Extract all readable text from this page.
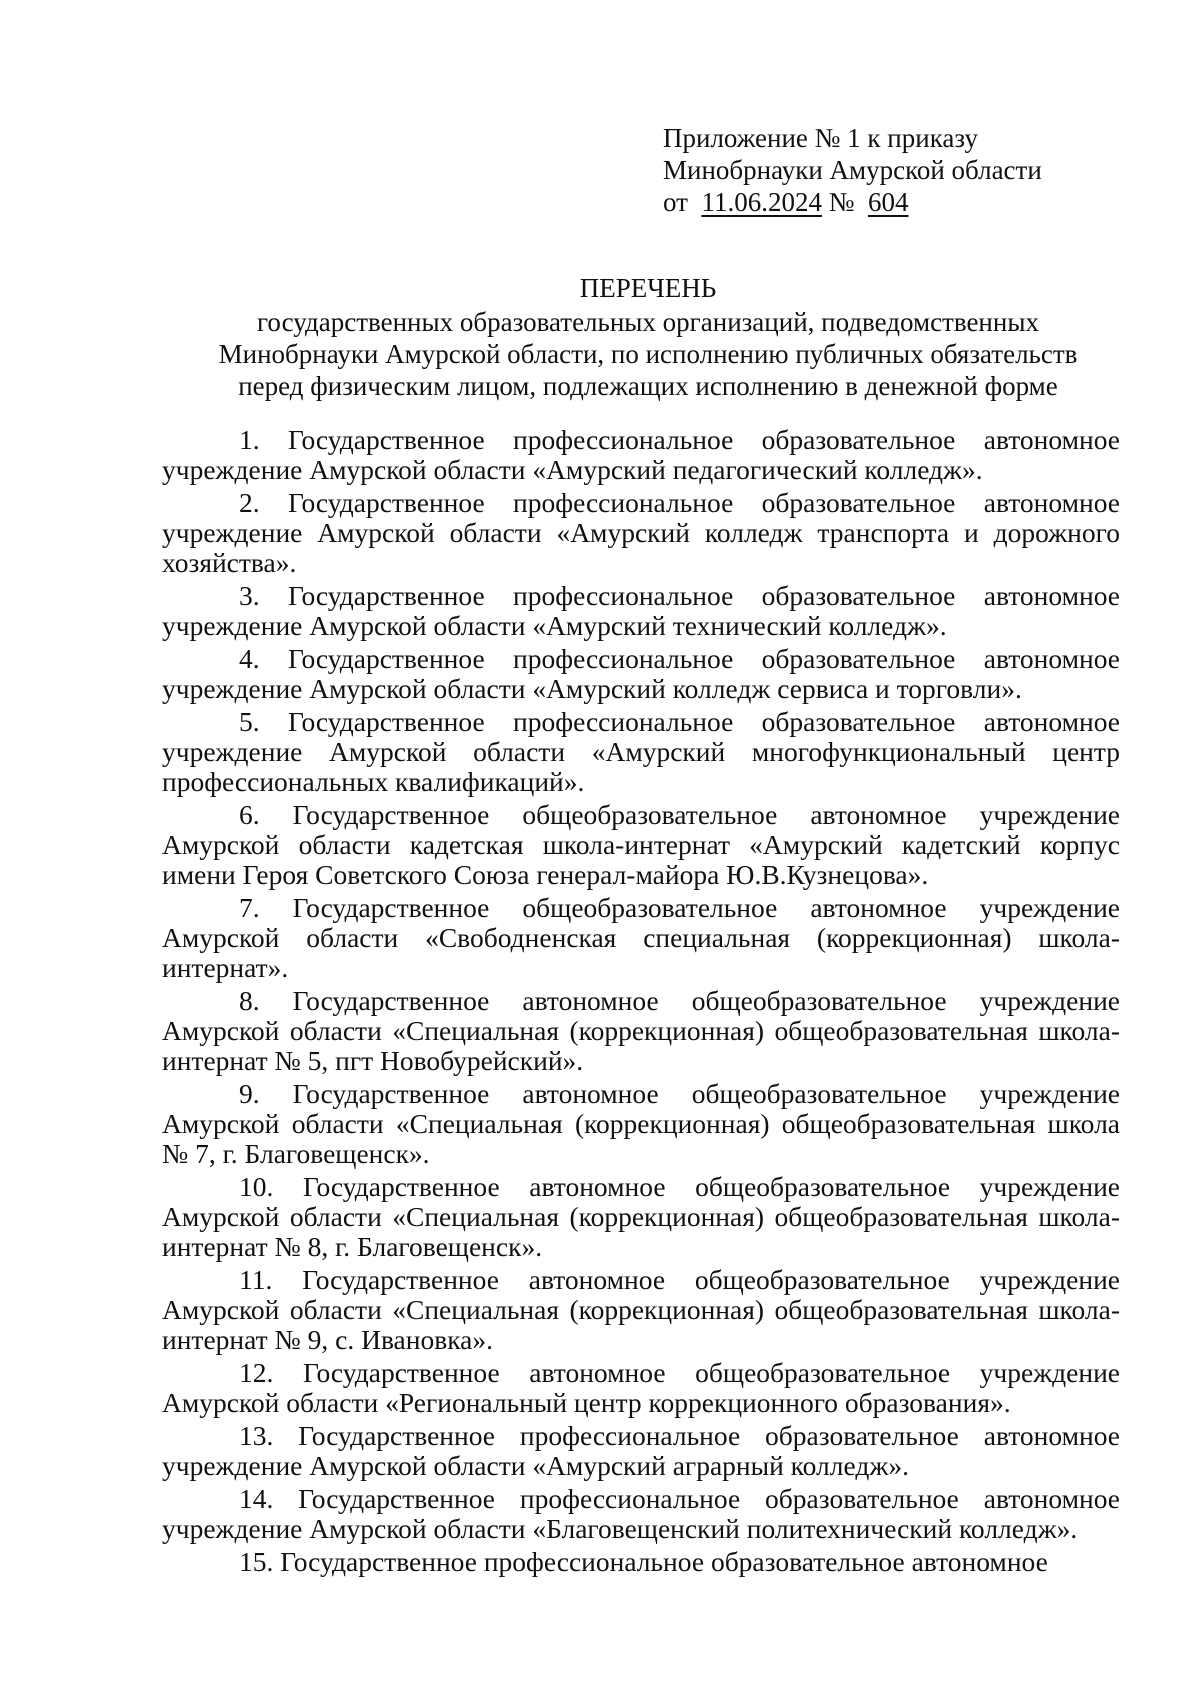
Приложение № 1 к приказу
Минобрнауки Амурской области
от 11.06.2024 № 604
ПЕРЕЧЕНЬ
государственных образовательных организаций, подведомственных
Минобрнауки Амурской области, по исполнению публичных обязательств
перед физическим лицом, подлежащих исполнению в денежной форме

1. Государственное профессиональное образовательное автономное учреждение Амурской области «Амурский педагогический колледж».

2. Государственное профессиональное образовательное автономное учреждение Амурской области «Амурский колледж транспорта и дорожного хозяйства».

3. Государственное профессиональное образовательное автономное учреждение Амурской области «Амурский технический колледж».

4. Государственное профессиональное образовательное автономное учреждение Амурской области «Амурский колледж сервиса и торговли».

5. Государственное профессиональное образовательное автономное учреждение Амурской области «Амурский многофункциональный центр профессиональных квалификаций».

6. Государственное общеобразовательное автономное учреждение Амурской области кадетская школа-интернат «Амурский кадетский корпус имени Героя Советского Союза генерал-майора Ю.В.Кузнецова».

7. Государственное общеобразовательное автономное учреждение Амурской области «Свободненская специальная (коррекционная) школа-интернат».

8. Государственное автономное общеобразовательное учреждение Амурской области «Специальная (коррекционная) общеобразовательная школа-интернат № 5, пгт Новобурейский».

9. Государственное автономное общеобразовательное учреждение Амурской области «Специальная (коррекционная) общеобразовательная школа № 7, г. Благовещенск».

10. Государственное автономное общеобразовательное учреждение Амурской области «Специальная (коррекционная) общеобразовательная школа-интернат № 8, г. Благовещенск».

11. Государственное автономное общеобразовательное учреждение Амурской области «Специальная (коррекционная) общеобразовательная школа-интернат № 9, с. Ивановка».

12. Государственное автономное общеобразовательное учреждение Амурской области «Региональный центр коррекционного образования».

13. Государственное профессиональное образовательное автономное учреждение Амурской области «Амурский аграрный колледж».

14. Государственное профессиональное образовательное автономное учреждение Амурской области «Благовещенский политехнический колледж».

15. Государственное профессиональное образовательное автономное
